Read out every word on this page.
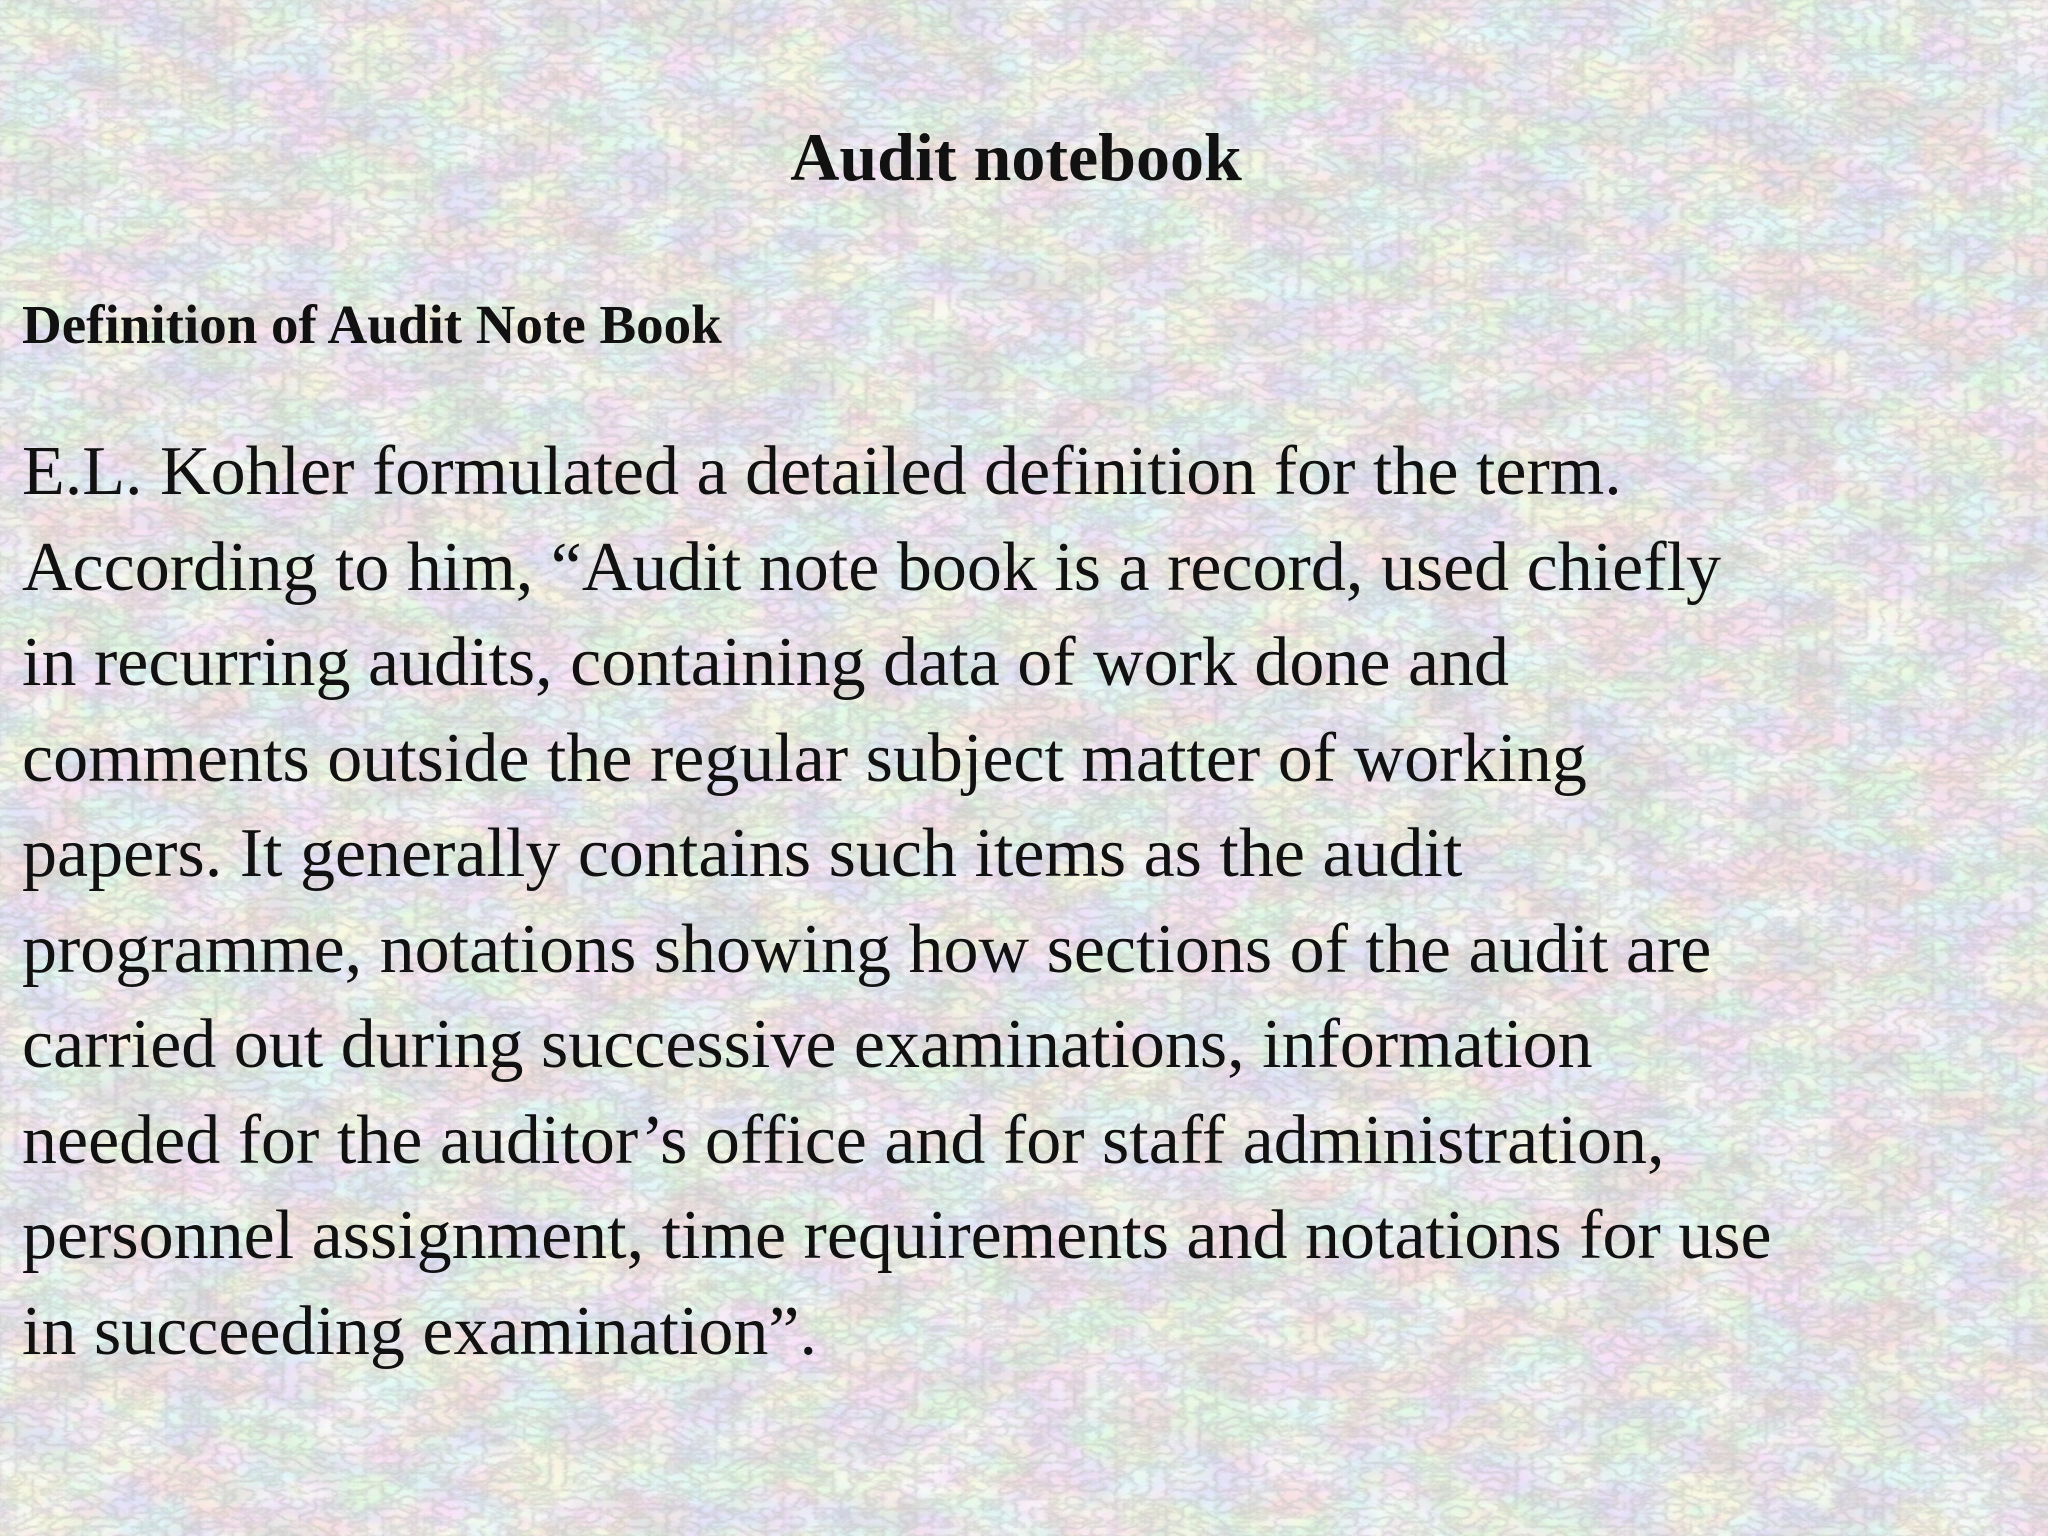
Audit notebook
Definition of Audit Note Book
E.L. Kohler formulated a detailed definition for the term.
According to him, “Audit note book is a record, used chiefly
in recurring audits, containing data of work done and
comments outside the regular subject matter of working
papers. It generally contains such items as the audit
programme, notations showing how sections of the audit are
carried out during successive examinations, information
needed for the auditor’s office and for staff administration,
personnel assignment, time requirements and notations for use
in succeeding examination”.
